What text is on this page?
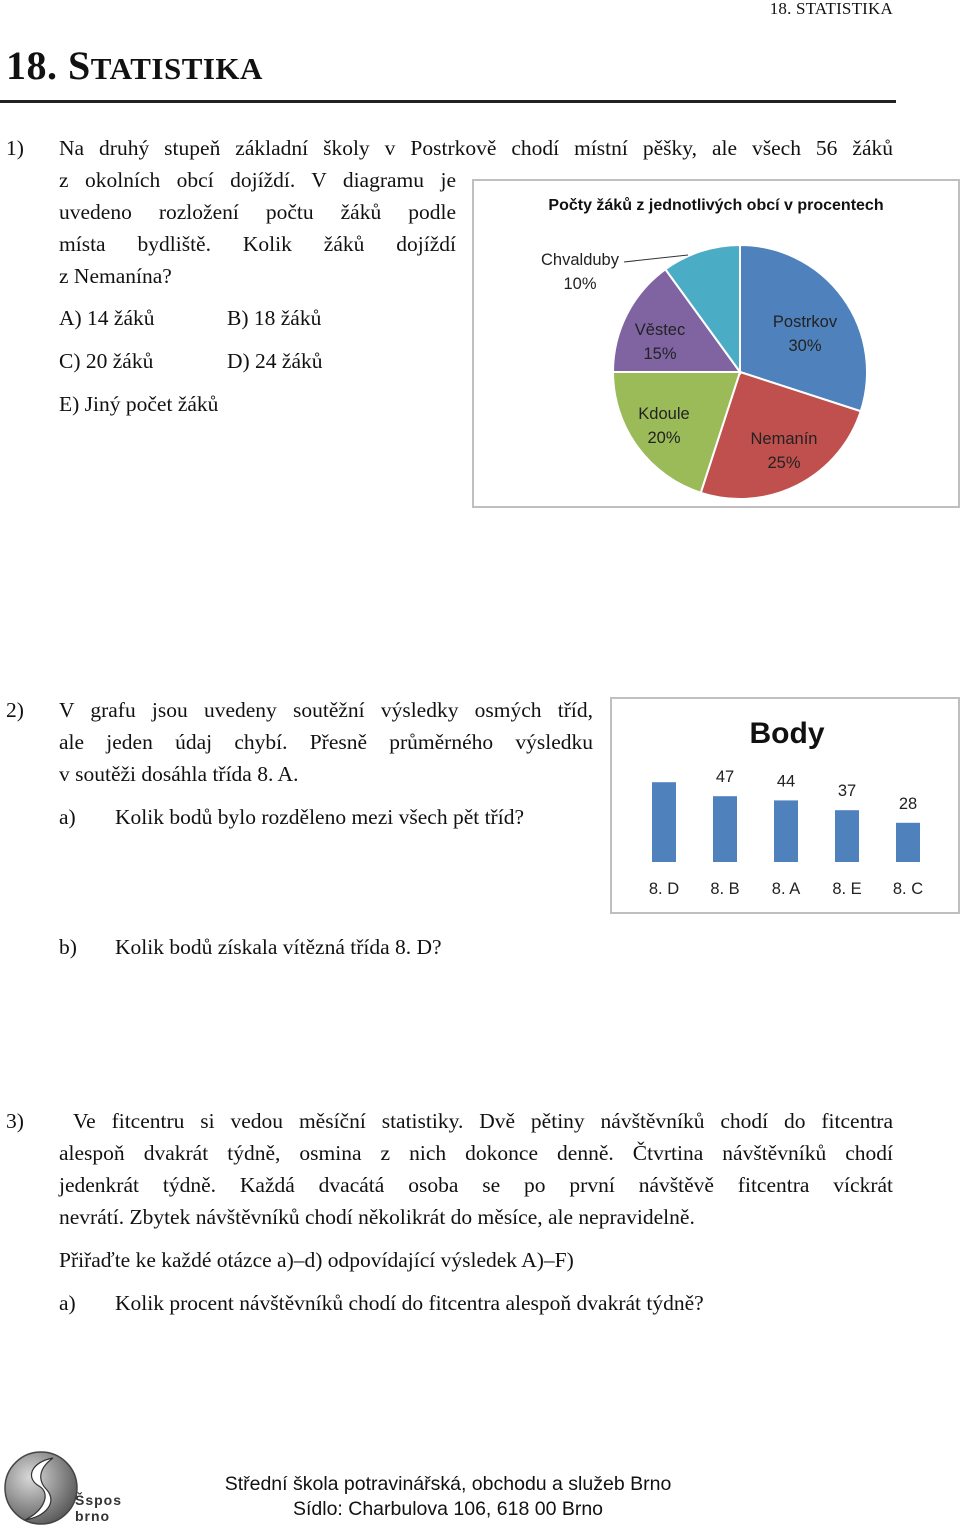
18. STATISTIKA
18. STATISTIKA
1) Na druhý stupeň základní školy v Postrkově chodí místní pěšky, ale všech 56 žáků
z okolních obcí dojíždí. V diagramu je
uvedeno rozložení počtu žáků podle
místa bydliště. Kolik žáků dojíždí
z Nemanína?
A) 14 žáků	B) 18 žáků
C) 20 žáků	D) 24 žáků
E) Jiný počet žáků
Počty žáků z jednotlivých obcí v procentech
Chvalduby
10%
Věstec
15%
Postrkov
30%
Kdoule
20%	Nemanín
25%
2) V grafu jsou uvedeny soutěžní výsledky osmých tříd,
ale jeden údaj chybí. Přesně průměrného výsledku
v soutěži dosáhla třída 8. A.
a) Kolik bodů bylo rozděleno mezi všech pět tříd?
Body
8. D
47
8. B
44
8. A
37
8. E
28
8. C
b) Kolik bodů získala vítězná třída 8. D?
3) Ve fitcentru si vedou měsíční statistiky. Dvě pětiny návštěvníků chodí do fitcentra
alespoň dvakrát týdně, osmina z nich dokonce denně. Čtvrtina návštěvníků chodí
jedenkrát týdně. Každá dvacátá osoba se po první návštěvě fitcentra víckrát
nevrátí. Zbytek návštěvníků chodí několikrát do měsíce, ale nepravidelně.
Přiřaďte ke každé otázce a)–d) odpovídající výsledek A)–F)
a) Kolik procent návštěvníků chodí do fitcentra alespoň dvakrát týdně?
Šspos brno
Střední škola potravinářská, obchodu a služeb Brno
Sídlo: Charbulova 106, 618 00 Brno
